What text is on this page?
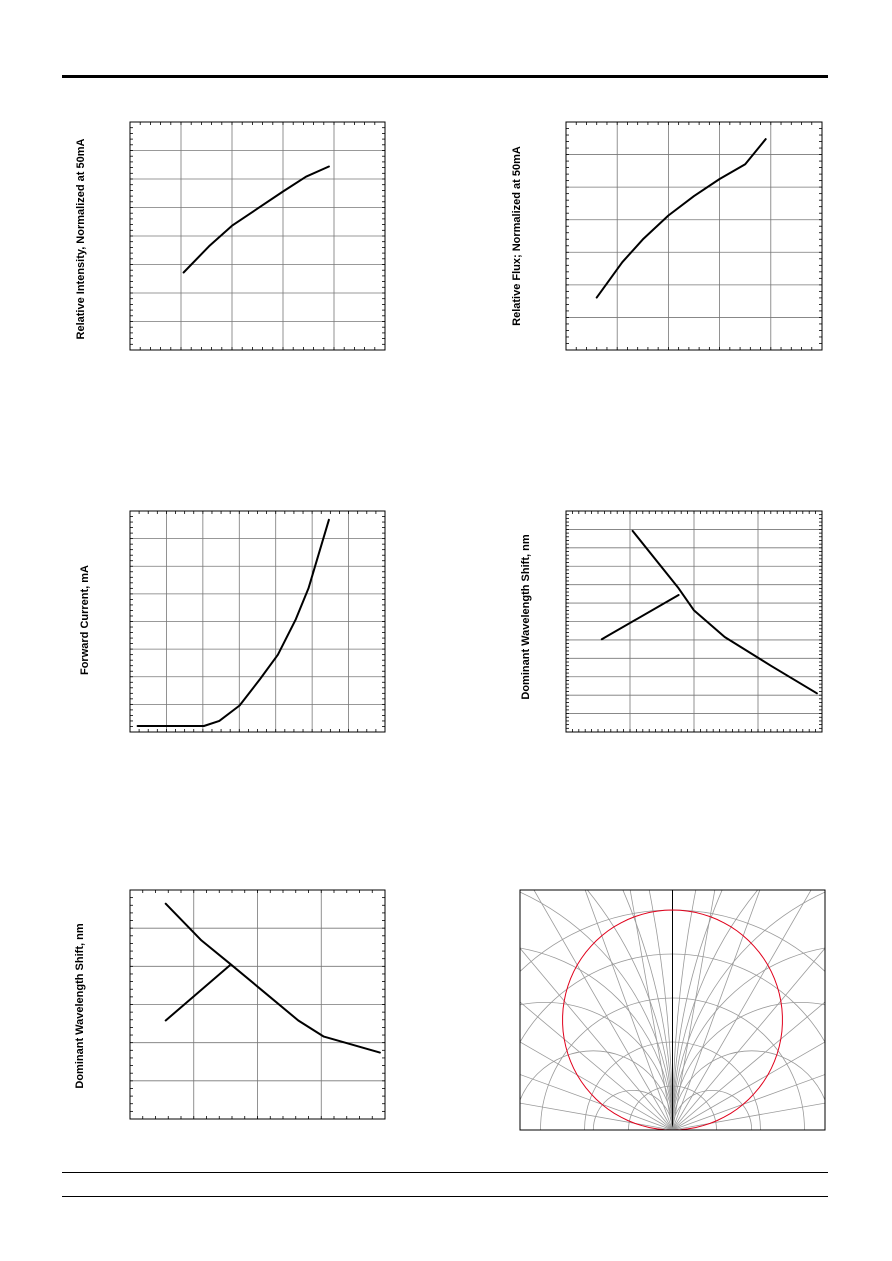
Relative Intensity, Normalized at 50mA	Relative Flux; Normalized at 50mA
Forward Current, mA	Dominant Wavelength Shift, nm
Dominant Wavelength Shift, nm
